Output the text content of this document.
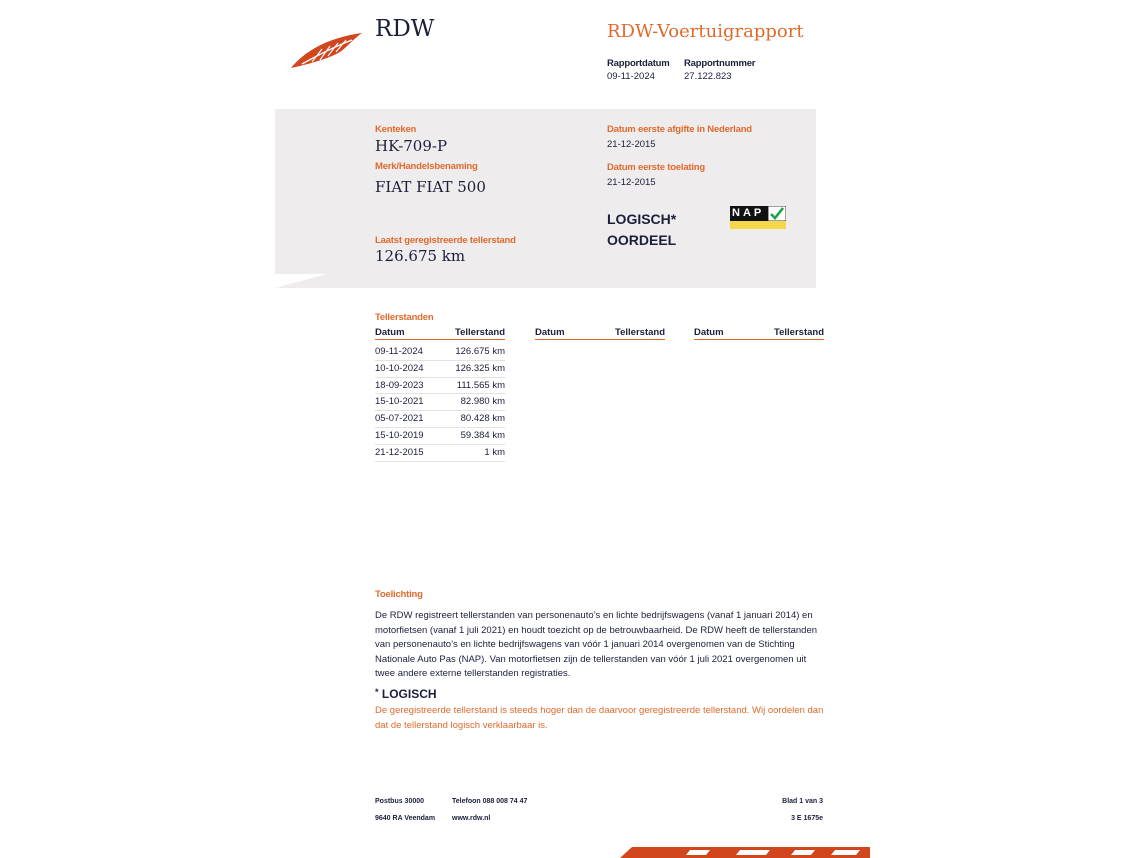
RDW	RDW-Voertuigrapport
Rapportdatum
09-11-2024
Rapportnummer
27.122.823
Kenteken
HK-709-P
Merk/Handelsbenaming
FIAT FIAT 500
Laatst geregistreerde tellerstand
126.675 km
Datum eerste afgifte in Nederland
21-12-2015
Datum eerste toelating
21-12-2015
LOGISCH*
OORDEEL
NAP
Tellerstanden
Datum	Tellerstand
09-11-2024	126.675 km
10-10-2024	126.325 km
18-09-2023	111.565 km
15-10-2021	82.980 km
05-07-2021	80.428 km
15-10-2019	59.384 km
21-12-2015	1 km
Datum	Tellerstand	Datum	Tellerstand
Toelichting
De RDW registreert tellerstanden van personenauto’s en lichte bedrijfswagens (vanaf 1 januari 2014) en
motorfietsen (vanaf 1 juli 2021) en houdt toezicht op de betrouwbaarheid. De RDW heeft de tellerstanden
van personenauto’s en lichte bedrijfswagens van vóór 1 januari 2014 overgenomen van de Stichting
Nationale Auto Pas (NAP). Van motorfietsen zijn de tellerstanden van vóór 1 juli 2021 overgenomen uit
twee andere externe tellerstanden registraties.
* LOGISCH
De geregistreerde tellerstand is steeds hoger dan de daarvoor geregistreerde tellerstand. Wij oordelen dan
dat de tellerstand logisch verklaarbaar is.
Postbus 30000
9640 RA Veendam
Telefoon 088 008 74 47
www.rdw.nl
Blad 1 van 3
3 E 1675e
